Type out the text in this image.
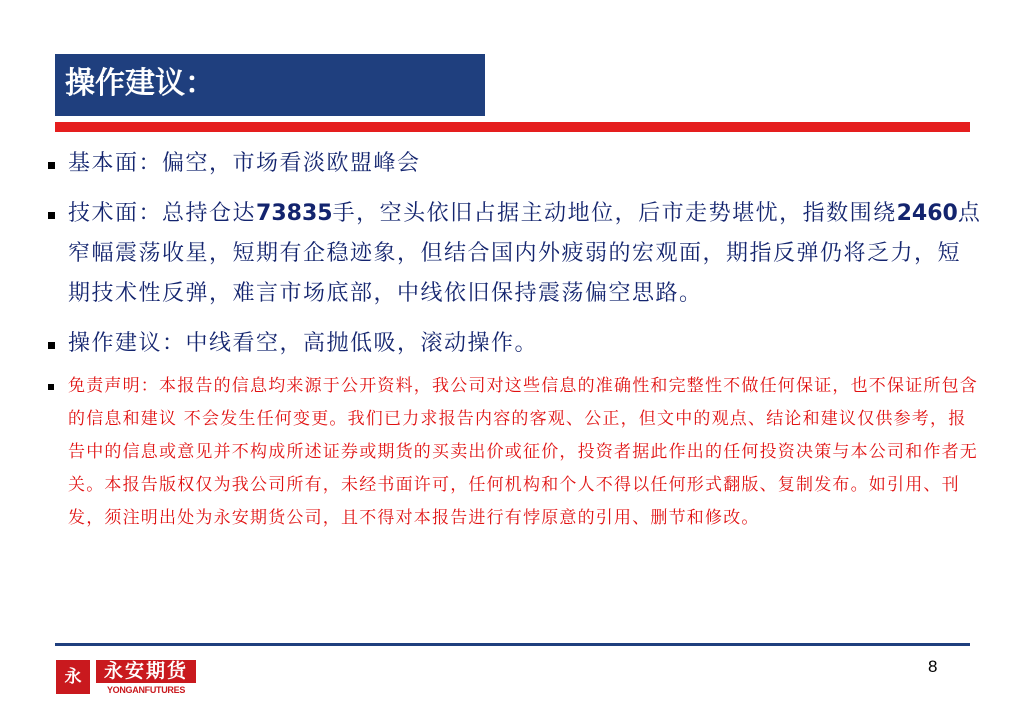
操作建议：
基本面：偏空，市场看淡欧盟峰会
技术面：总持仓达73835手，空头依旧占据主动地位，后市走势堪忧，指数围绕2460点窄幅震荡收星，短期有企稳迹象，但结合国内外疲弱的宏观面，期指反弹仍将乏力，短期技术性反弹，难言市场底部，中线依旧保持震荡偏空思路。
操作建议：中线看空，高抛低吸，滚动操作。
免责声明：本报告的信息均来源于公开资料，我公司对这些信息的准确性和完整性不做任何保证，也不保证所包含的信息和建议 不会发生任何变更。我们已力求报告内容的客观、公正，但文中的观点、结论和建议仅供参考，报告中的信息或意见并不构成所述证券或期货的买卖出价或征价，投资者据此作出的任何投资决策与本公司和作者无关。本报告版权仅为我公司所有，未经书面许可，任何机构和个人不得以任何形式翻版、复制发布。如引用、刊发，须注明出处为永安期货公司，且不得对本报告进行有悖原意的引用、删节和修改。
永	永安期货
YONGANFUTURES
8
